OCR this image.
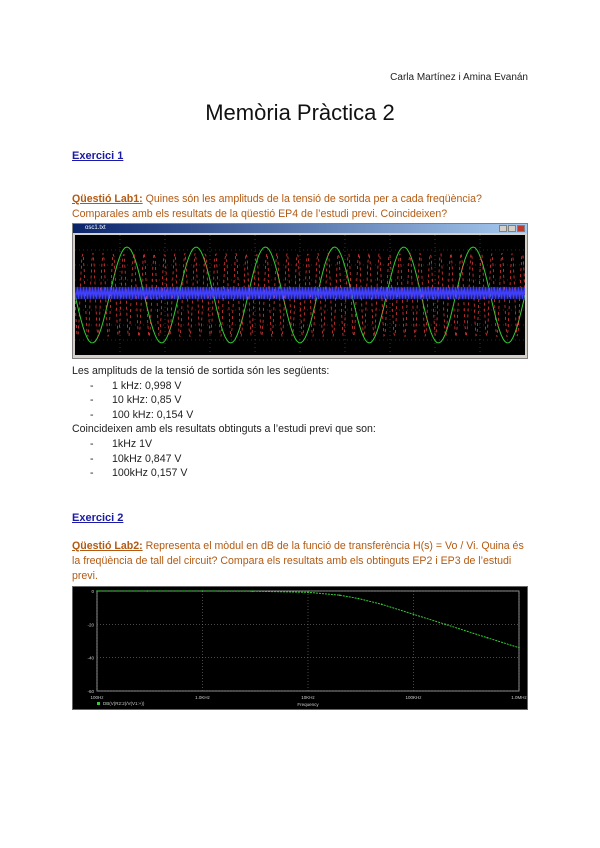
Carla Martínez i Amina Evanán
Memòria Pràctica 2
Exercici 1
Qüestió Lab1: Quines són les amplituds de la tensió de sortida per a cada freqüència? Comparales amb els resultats de la qüestió EP4 de l’estudi previ. Coincideixen?
osc1.txt
Les amplituds de la tensió de sortida són les següents:
- 1 kHz: 0,998 V
- 10 kHz: 0,85 V
- 100 kHz: 0,154 V
Coincideixen amb els resultats obtinguts a l’estudi previ que son:
- 1kHz 1V
- 10kHz 0,847 V
- 100kHz 0,157 V
Exercici 2
Qüestió Lab2: Representa el mòdul en dB de la funció de transferència H(s) = Vo / Vi. Quina és la freqüència de tall del circuit? Compara els resultats amb els obtinguts EP2 i EP3 de l’estudi previ.
100Hz	1.0KHz	10KHz	100KHz	1.0MHz
0
-20
-40
-60
Frequency
DB(V(R2:2)/V(V1:+))
